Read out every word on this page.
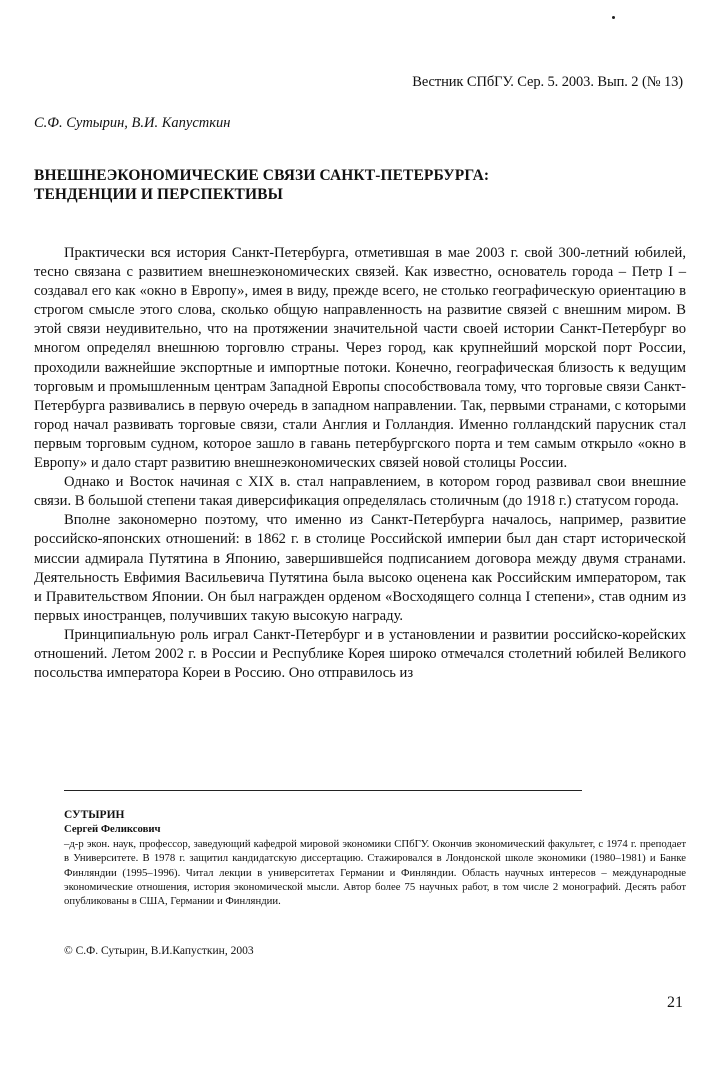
Вестник СПбГУ. Сер. 5. 2003. Вып. 2 (№ 13)
С.Ф. Сутырин, В.И. Капусткин
ВНЕШНЕЭКОНОМИЧЕСКИЕ СВЯЗИ САНКТ-ПЕТЕРБУРГА:
ТЕНДЕНЦИИ И ПЕРСПЕКТИВЫ

Практически вся история Санкт-Петербурга, отметившая в мае 2003 г. свой 300-летний юбилей, тесно связана с развитием внешнеэкономических связей. Как известно, основатель города – Петр I – создавал его как «окно в Европу», имея в виду, прежде всего, не столько географическую ориентацию в строгом смысле этого слова, сколько общую направленность на развитие связей с внешним миром. В этой связи неудивительно, что на протяжении значительной части своей истории Санкт-Петербург во многом определял внешнюю торговлю страны. Через город, как крупнейший морской порт России, проходили важнейшие экспортные и импортные потоки. Конечно, географическая близость к ведущим торговым и промышленным центрам Западной Европы способствовала тому, что торговые связи Санкт-Петербурга развивались в первую очередь в западном направлении. Так, первыми странами, с которыми город начал развивать торговые связи, стали Англия и Голландия. Именно голландский парусник стал первым торговым судном, которое зашло в гавань петербургского порта и тем самым открыло «окно в Европу» и дало старт развитию внешнеэкономических связей новой столицы России.

Однако и Восток начиная с XIX в. стал направлением, в котором город развивал свои внешние связи. В большой степени такая диверсификация определялась столичным (до 1918 г.) статусом города.

Вполне закономерно поэтому, что именно из Санкт-Петербурга началось, например, развитие российско-японских отношений: в 1862 г. в столице Российской империи был дан старт исторической миссии адмирала Путятина в Японию, завершившейся подписанием договора между двумя странами. Деятельность Евфимия Васильевича Путятина была высоко оценена как Российским императором, так и Правительством Японии. Он был награжден орденом «Восходящего солнца I степени», став одним из первых иностранцев, получивших такую высокую награду.

Принципиальную роль играл Санкт-Петербург и в установлении и развитии российско-корейских отношений. Летом 2002 г. в России и Республике Корея широко отмечался столетний юбилей Великого посольства императора Кореи в Россию. Оно отправилось из

СУТЫРИН
Сергей Феликсович

–д-р экон. наук, профессор, заведующий кафедрой мировой экономики СПбГУ. Окончив экономический факультет, с 1974 г. преподает в Университете. В 1978 г. защитил кандидатскую диссертацию. Стажировался в Лондонской школе экономики (1980–1981) и Банке Финляндии (1995–1996). Читал лекции в университетах Германии и Финляндии. Область научных интересов – международные экономические отношения, история экономической мысли. Автор более 75 научных работ, в том числе 2 монографий. Десять работ опубликованы в США, Германии и Финляндии.

© С.Ф. Сутырин, В.И.Капусткин, 2003
21
